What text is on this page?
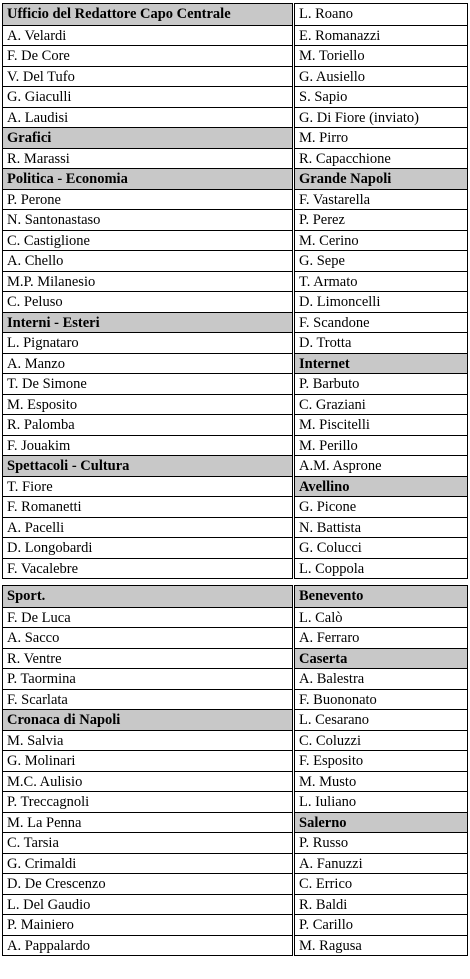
Ufficio del Redattore Capo Centrale
A. Velardi
F. De Core
V. Del Tufo
G. Giaculli
A. Laudisi
Grafici
R. Marassi
Politica - Economia
P. Perone
N. Santonastaso
C. Castiglione
A. Chello
M.P. Milanesio
C. Peluso
Interni - Esteri
L. Pignataro
A. Manzo
T. De Simone
M. Esposito
R. Palomba
F. Jouakim
Spettacoli - Cultura
T. Fiore
F. Romanetti
A. Pacelli
D. Longobardi
F. Vacalebre
L. Roano
E. Romanazzi
M. Toriello
G. Ausiello
S. Sapio
G. Di Fiore (inviato)
M. Pirro
R. Capacchione
Grande Napoli
F. Vastarella
P. Perez
M. Cerino
G. Sepe
T. Armato
D. Limoncelli
F. Scandone
D. Trotta
Internet
P. Barbuto
C. Graziani
M. Piscitelli
M. Perillo
A.M. Asprone
Avellino
G. Picone
N. Battista
G. Colucci
L. Coppola
Sport.
F. De Luca
A. Sacco
R. Ventre
P. Taormina
F. Scarlata
Cronaca di Napoli
M. Salvia
G. Molinari
M.C. Aulisio
P. Treccagnoli
M. La Penna
C. Tarsia
G. Crimaldi
D. De Crescenzo
L. Del Gaudio
P. Mainiero
A. Pappalardo
Benevento
L. Calò
A. Ferraro
Caserta
A. Balestra
F. Buononato
L. Cesarano
C. Coluzzi
F. Esposito
M. Musto
L. Iuliano
Salerno
P. Russo
A. Fanuzzi
C. Errico
R. Baldi
P. Carillo
M. Ragusa
